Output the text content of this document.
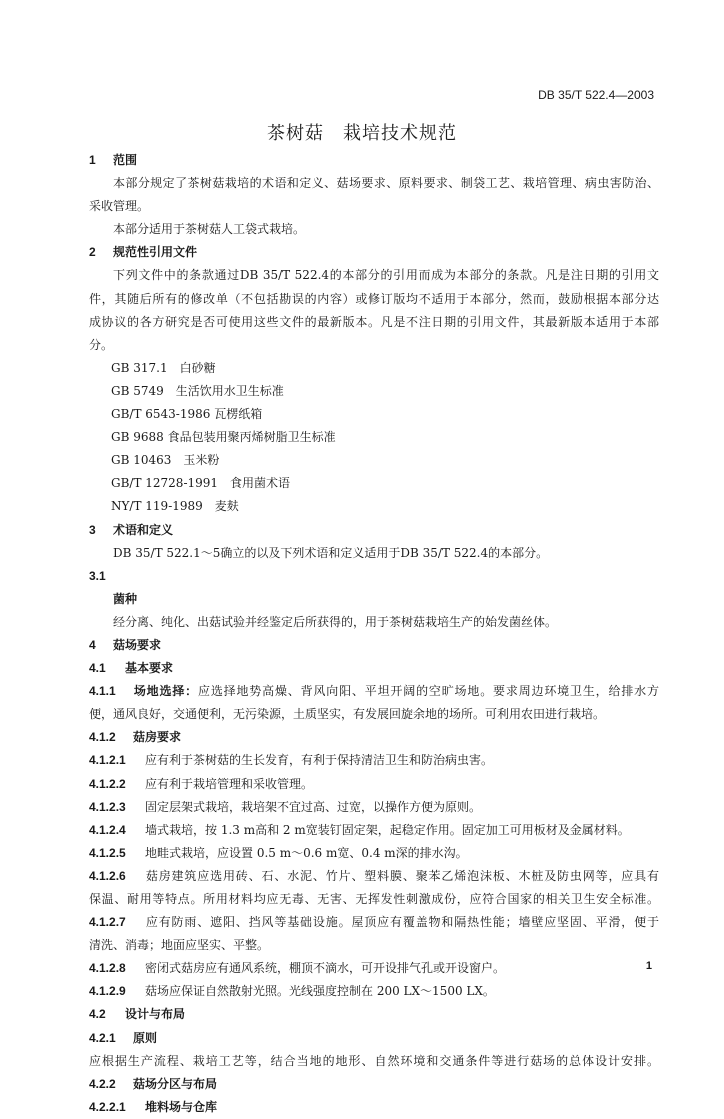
DB 35/T 522.4—2003
茶树菇　栽培技术规范
1 范围
本部分规定了茶树菇栽培的术语和定义、菇场要求、原料要求、制袋工艺、栽培管理、病虫害防治、
采收管理。
本部分适用于茶树菇人工袋式栽培。
2 规范性引用文件
下列文件中的条款通过DB 35/T 522.4的本部分的引用而成为本部分的条款。凡是注日期的引用文
件，其随后所有的修改单（不包括勘误的内容）或修订版均不适用于本部分，然而，鼓励根据本部分达
成协议的各方研究是否可使用这些文件的最新版本。凡是不注日期的引用文件，其最新版本适用于本部
分。
GB 317.1　白砂糖
GB 5749　生活饮用水卫生标准
GB/T 6543-1986 瓦楞纸箱
GB 9688 食品包装用聚丙烯树脂卫生标准
GB 10463　玉米粉
GB/T 12728-1991　食用菌术语
NY/T 119-1989　麦麸
3 术语和定义
DB 35/T 522.1～5确立的以及下列术语和定义适用于DB 35/T 522.4的本部分。
3.1
菌种
经分离、纯化、出菇试验并经鉴定后所获得的，用于茶树菇栽培生产的始发菌丝体。
4 菇场要求
4.1 基本要求
4.1.1 场地选择：应选择地势高燥、背风向阳、平坦开阔的空旷场地。要求周边环境卫生，给排水方
便，通风良好，交通便利，无污染源，土质坚实，有发展回旋余地的场所。可利用农田进行栽培。
4.1.2 菇房要求
4.1.2.1 应有利于茶树菇的生长发育，有利于保持清洁卫生和防治病虫害。
4.1.2.2 应有利于栽培管理和采收管理。
4.1.2.3 固定层架式栽培，栽培架不宜过高、过宽，以操作方便为原则。
4.1.2.4 墙式栽培，按 1.3 m高和 2 m宽装钉固定架，起稳定作用。固定加工可用板材及金属材料。
4.1.2.5 地畦式栽培，应设置 0.5 m～0.6 m宽、0.4 m深的排水沟。
4.1.2.6 菇房建筑应选用砖、石、水泥、竹片、塑料膜、聚苯乙烯泡沫板、木桩及防虫网等，应具有
保温、耐用等特点。所用材料均应无毒、无害、无挥发性刺激成份，应符合国家的相关卫生安全标准。
4.1.2.7 应有防雨、遮阳、挡风等基础设施。屋顶应有覆盖物和隔热性能；墙壁应坚固、平滑，便于
清洗、消毒；地面应坚实、平整。
4.1.2.8 密闭式菇房应有通风系统，棚顶不滴水，可开设排气孔或开设窗户。
4.1.2.9 菇场应保证自然散射光照。光线强度控制在 200 LX～1500 LX。
4.2 设计与布局
4.2.1 原则
应根据生产流程、栽培工艺等，结合当地的地形、自然环境和交通条件等进行菇场的总体设计安排。
4.2.2 菇场分区与布局
4.2.2.1 堆料场与仓库
1
